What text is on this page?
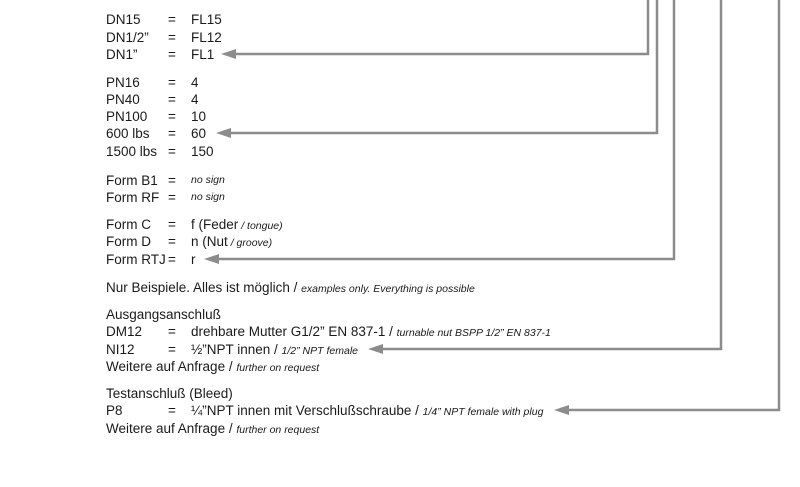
DN15 = FL15
DN1/2” = FL12
DN1” = FL1
PN16 = 4
PN40 = 4
PN100 = 10
600 lbs = 60
1500 lbs = 150
Form B1 = no sign
Form RF = no sign
Form C = f (Feder / tongue)
Form D = n (Nut / groove)
Form RTJ = r
Nur Beispiele. Alles ist möglich / examples only. Everything is possible
Ausgangsanschluß
DM12 = drehbare Mutter G1/2” EN 837-1 / turnable nut BSPP 1/2” EN 837-1
NI12 = ½”NPT innen / 1/2” NPT female
Weitere auf Anfrage / further on request
Testanschluß (Bleed)
P8	= ¼”NPT innen mit Verschlußschraube / 1/4” NPT female with plug
Weitere auf Anfrage / further on request
